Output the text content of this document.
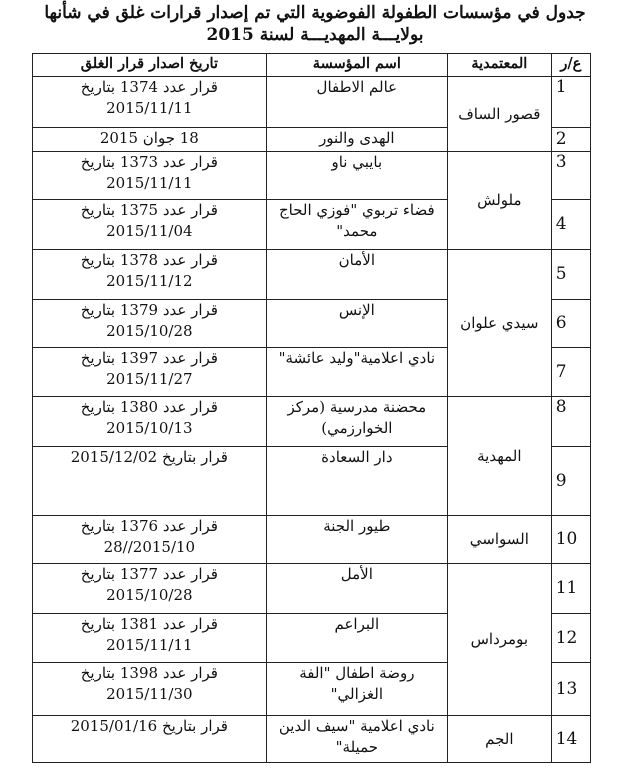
جدول في مؤسسات الطفولة الفوضوية التي تم إصدار قرارات غلق في شأنها
بولايـــة المهديـــة لسنة 2015
ع/ر	المعتمدية	اسم المؤسسة	تاريخ اصدار قرار الغلق
1	قصور الساف	عالم الاطفال	قرار عدد 1374 بتاريخ 2015/11/11
2		الهدى والنور	18 جوان 2015
3	ملولش	بايبي ناو	قرار عدد 1373 بتاريخ 2015/11/11
4		فضاء تربوي "فوزي الحاج محمد"	قرار عدد 1375 بتاريخ 2015/11/04
5	سيدي علوان	الأمان	قرار عدد 1378 بتاريخ 2015/11/12
6		الإنس	قرار عدد 1379 بتاريخ 2015/10/28
7		نادي اعلامية"وليد عائشة"	قرار عدد 1397 بتاريخ 2015/11/27
8	المهدية	محضنة مدرسية (مركز الخوارزمي)	قرار عدد 1380 بتاريخ 2015/10/13
9		دار السعادة	قرار بتاريخ 2015/12/02
10	السواسي	طيور الجنة	قرار عدد 1376 بتاريخ 2015/10//28
11	بومرداس	الأمل	قرار عدد 1377 بتاريخ 2015/10/28
12		البراعم	قرار عدد 1381 بتاريخ 2015/11/11
13		روضة اطفال "الفة الغزالي"	قرار عدد 1398 بتاريخ 2015/11/30
14	الجم	نادي اعلامية "سيف الدين حميلة"	قرار بتاريخ 2015/01/16
